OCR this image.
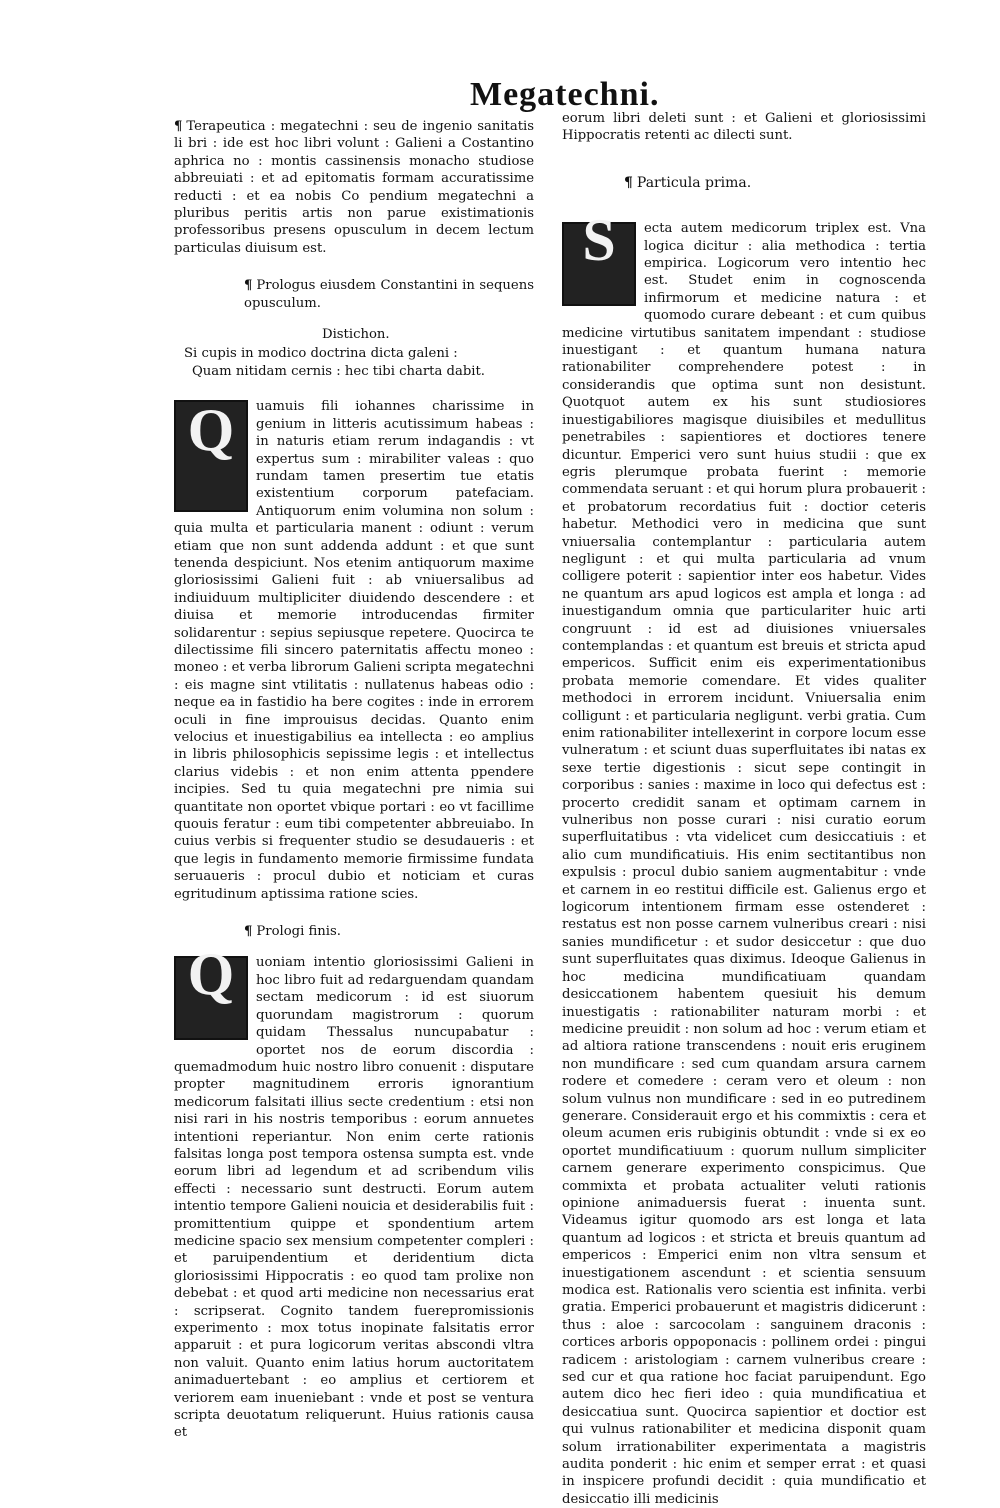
Megatechni.

¶ Terapeutica : megatechni : seu de ingenio sanitatis li bri : ide est hoc libri volunt : Galieni a Costantino aphrica no : montis cassinensis monacho studiose abbreuiati : et ad epitomatis formam accuratissime reducti : et ea nobis Co pendium megatechni a pluribus peritis artis non parue existimationis professoribus presens opusculum in decem lectum particulas diuisum est.

¶ Prologus eiusdem Constantini in sequens opusculum.

Distichon.

Si cupis in modico doctrina dicta galeni :

Quam nitidam cernis : hec tibi charta dabit.

Q	uamuis fili iohannes charissime in genium in litteris acutissimum habeas : in naturis etiam rerum indagandis : vt expertus sum : mirabiliter valeas : quo rundam tamen presertim tue etatis existentium corporum patefaciam. Antiquorum enim volumina non solum : quia multa et particularia manent : odiunt : verum etiam que non sunt addenda addunt : et que sunt tenenda despiciunt. Nos etenim antiquorum maxime gloriosissimi Galieni fuit : ab vniuersalibus ad indiuiduum multipliciter diuidendo descendere : et diuisa et memorie introducendas firmiter solidarentur : sepius sepiusque repetere. Quocirca te dilectissime fili sincero paternitatis affectu moneo : moneo : et verba librorum Galieni scripta megatechni : eis magne sint vtilitatis : nullatenus habeas odio : neque ea in fastidio ha bere cogites : inde in errorem oculi in fine improuisus decidas. Quanto enim velocius et inuestigabilius ea intellecta : eo amplius in libris philosophicis sepissime legis : et intellectus clarius videbis : et non enim attenta ppendere incipies. Sed tu quia megatechni pre nimia sui quantitate non oportet vbique portari : eo vt facillime quouis feratur : eum tibi competenter abbreuiabo. In cuius verbis si frequenter studio se desudaueris : et que legis in fundamento memorie firmissime fundata seruaueris : procul dubio et noticiam et curas egritudinum aptissima ratione scies.

¶ Prologi finis.

Q	uoniam intentio gloriosissimi Galieni in hoc libro fuit ad redarguendam quandam sectam medicorum : id est siuorum quorundam magistrorum : quorum quidam Thessalus nuncupabatur : oportet nos de eorum discordia : quemadmodum huic nostro libro conuenit : disputare propter magnitudinem erroris ignorantium medicorum falsitati illius secte credentium : etsi non nisi rari in his nostris temporibus : eorum annuetes intentioni reperiantur. Non enim certe rationis falsitas longa post tempora ostensa sumpta est. vnde eorum libri ad legendum et ad scribendum vilis effecti : necessario sunt destructi. Eorum autem intentio tempore Galieni nouicia et desiderabilis fuit : promittentium quippe et spondentium artem medicine spacio sex mensium competenter compleri : et paruipendentium et deridentium dicta gloriosissimi Hippocratis : eo quod tam prolixe non debebat : et quod arti medicine non necessarius erat : scripserat. Cognito tandem fuerepromissionis experimento : mox totus inopinate falsitatis error apparuit : et pura logicorum veritas abscondi vltra non valuit. Quanto enim latius horum auctoritatem animaduertebant : eo amplius et certiorem et veriorem eam inueniebant : vnde et post se ventura scripta deuotatum reliquerunt. Huius rationis causa et

eorum libri deleti sunt : et Galieni et gloriosissimi Hippocratis retenti ac dilecti sunt.

¶ Particula prima.

S	ecta autem medicorum triplex est. Vna logica dicitur : alia methodica : tertia empirica. Logicorum vero intentio hec est. Studet enim in cognoscenda infirmorum et medicine natura : et quomodo curare debeant : et cum quibus medicine virtutibus sanitatem impendant : studiose inuestigant : et quantum humana natura rationabiliter comprehendere potest : in considerandis que optima sunt non desistunt. Quotquot autem ex his sunt studiosiores inuestigabiliores magisque diuisibiles et medullitus penetrabiles : sapientiores et doctiores tenere dicuntur. Emperici vero sunt huius studii : que ex egris plerumque probata fuerint : memorie commendata seruant : et qui horum plura probauerit : et probatorum recordatius fuit : doctior ceteris habetur. Methodici vero in medicina que sunt vniuersalia contemplantur : particularia autem negligunt : et qui multa particularia ad vnum colligere poterit : sapientior inter eos habetur. Vides ne quantum ars apud logicos est ampla et longa : ad inuestigandum omnia que particulariter huic arti congruunt : id est ad diuisiones vniuersales contemplandas : et quantum est breuis et stricta apud empericos. Sufficit enim eis experimentationibus probata memorie comendare. Et vides qualiter methodoci in errorem incidunt. Vniuersalia enim colligunt : et particularia negligunt. verbi gratia. Cum enim rationabiliter intellexerint in corpore locum esse vulneratum : et sciunt duas superfluitates ibi natas ex sexe tertie digestionis : sicut sepe contingit in corporibus : sanies : maxime in loco qui defectus est : procerto credidit sanam et optimam carnem in vulneribus non posse curari : nisi curatio eorum superfluitatibus : vta videlicet cum desiccatiuis : et alio cum mundificatiuis. His enim sectitantibus non expulsis : procul dubio saniem augmentabitur : vnde et carnem in eo restitui difficile est. Galienus ergo et logicorum intentionem firmam esse ostenderet : restatus est non posse carnem vulneribus creari : nisi sanies mundificetur : et sudor desiccetur : que duo sunt superfluitates quas diximus. Ideoque Galienus in hoc medicina mundificatiuam quandam desiccationem habentem quesiuit his demum inuestigatis : rationabiliter naturam morbi : et medicine preuidit : non solum ad hoc : verum etiam et ad altiora ratione transcendens : nouit eris eruginem non mundificare : sed cum quandam arsura carnem rodere et comedere : ceram vero et oleum : non solum vulnus non mundificare : sed in eo putredinem generare. Considerauit ergo et his commixtis : cera et oleum acumen eris rubiginis obtundit : vnde si ex eo oportet mundificatiuum : quorum nullum simpliciter carnem generare experimento conspicimus. Que commixta et probata actualiter veluti rationis opinione animaduersis fuerat : inuenta sunt. Videamus igitur quomodo ars est longa et lata quantum ad logicos : et stricta et breuis quantum ad empericos : Emperici enim non vltra sensum et inuestigationem ascendunt : et scientia sensuum modica est. Rationalis vero scientia est infinita. verbi gratia. Emperici probauerunt et magistris didicerunt : thus : aloe : sarcocolam : sanguinem draconis : cortices arboris oppoponacis : pollinem ordei : pingui radicem : aristologiam : carnem vulneribus creare : sed cur et qua ratione hoc faciat paruipendunt. Ego autem dico hec fieri ideo : quia mundificatiua et desiccatiua sunt. Quocirca sapientior et doctior est qui vulnus rationabiliter et medicina disponit quam solum irrationabiliter experimentata a magistris audita ponderit : hic enim et semper errat : et quasi in inspicere profundi decidit : quia mundificatio et desiccatio illi medicinis
